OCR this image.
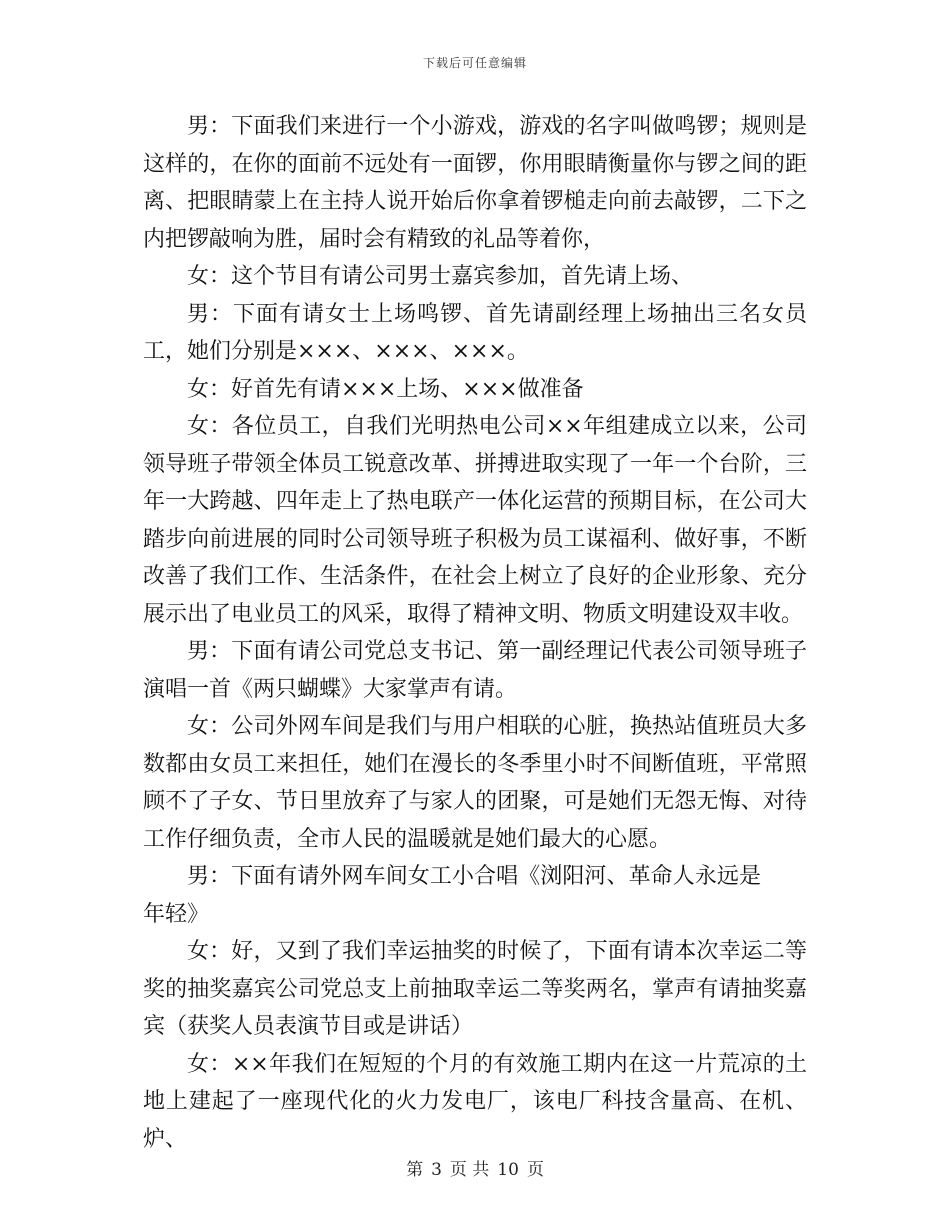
下载后可任意编辑

男：下面我们来进行一个小游戏，游戏的名字叫做鸣锣；规则是这样的，在你的面前不远处有一面锣，你用眼睛衡量你与锣之间的距离、把眼睛蒙上在主持人说开始后你拿着锣槌走向前去敲锣，二下之内把锣敲响为胜，届时会有精致的礼品等着你，

女：这个节目有请公司男士嘉宾参加，首先请上场、

男：下面有请女士上场鸣锣、首先请副经理上场抽出三名女员工，她们分别是×××、×××、×××。

女：好首先有请×××上场、×××做准备

女：各位员工，自我们光明热电公司××年组建成立以来，公司领导班子带领全体员工锐意改革、拼搏进取实现了一年一个台阶，三年一大跨越、四年走上了热电联产一体化运营的预期目标，在公司大踏步向前进展的同时公司领导班子积极为员工谋福利、做好事，不断改善了我们工作、生活条件，在社会上树立了良好的企业形象、充分展示出了电业员工的风采，取得了精神文明、物质文明建设双丰收。

男：下面有请公司党总支书记、第一副经理记代表公司领导班子演唱一首《两只蝴蝶》大家掌声有请。

女：公司外网车间是我们与用户相联的心脏，换热站值班员大多数都由女员工来担任，她们在漫长的冬季里小时不间断值班，平常照顾不了子女、节日里放弃了与家人的团聚，可是她们无怨无悔、对待工作仔细负责，全市人民的温暖就是她们最大的心愿。

男：下面有请外网车间女工小合唱《浏阳河、革命人永远是年轻》

女：好，又到了我们幸运抽奖的时候了，下面有请本次幸运二等奖的抽奖嘉宾公司党总支上前抽取幸运二等奖两名，掌声有请抽奖嘉宾（获奖人员表演节目或是讲话）

女：××年我们在短短的个月的有效施工期内在这一片荒凉的土地上建起了一座现代化的火力发电厂，该电厂科技含量高、在机、炉、

第 3 页 共 10 页
